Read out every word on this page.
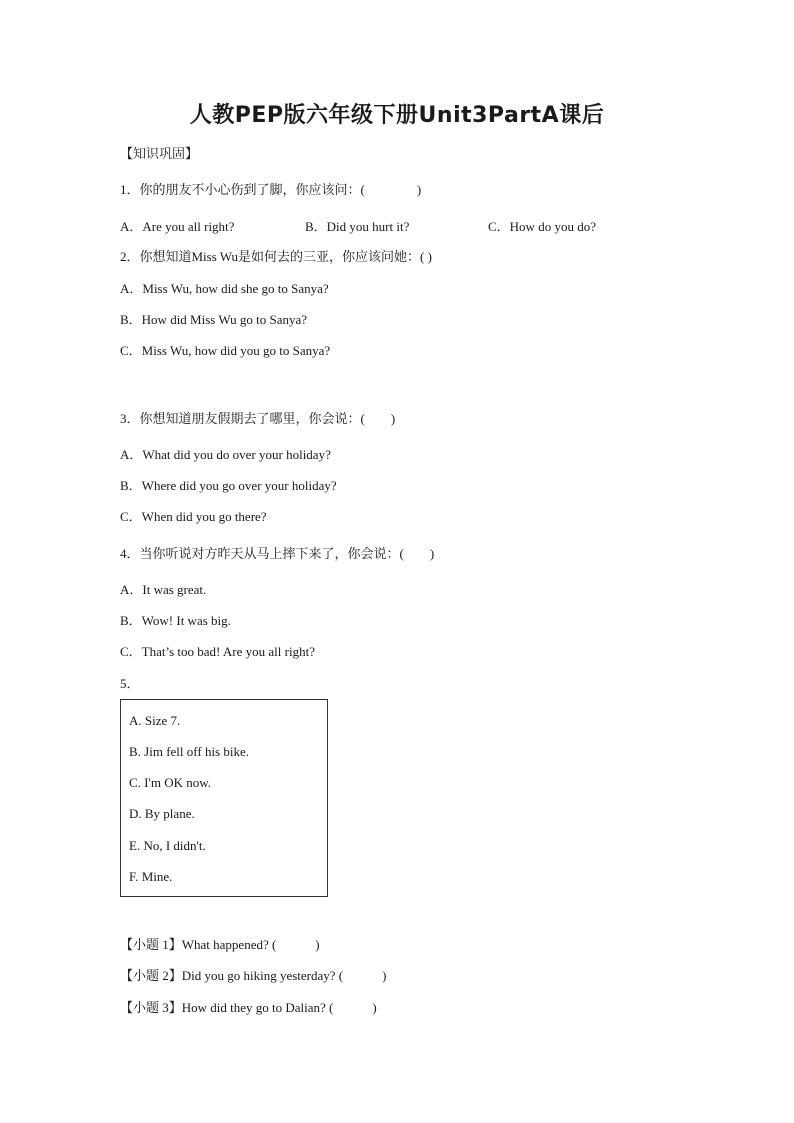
人教PEP版六年级下册Unit3PartA课后
【知识巩固】
1．你的朋友不小心伤到了脚，你应该问：(　　　　)
A．Are you all right?	B．Did you hurt it?	C．How do you do?
2．你想知道Miss Wu是如何去的三亚，你应该问她：( )
A．Miss Wu, how did she go to Sanya?
B．How did Miss Wu go to Sanya?
C．Miss Wu, how did you go to Sanya?
3．你想知道朋友假期去了哪里，你会说：(　　)
A．What did you do over your holiday?
B．Where did you go over your holiday?
C．When did you go there?
4．当你听说对方昨天从马上摔下来了，你会说：(　　)
A．It was great.
B．Wow! It was big.
C．That’s too bad! Are you all right?
5．
A. Size 7.
B. Jim fell off his bike.
C. I'm OK now.
D. By plane.
E. No, I didn't.
F. Mine.
【小题 1】What happened? (　　　)
【小题 2】Did you go hiking yesterday? (　　　)
【小题 3】How did they go to Dalian? (　　　)
